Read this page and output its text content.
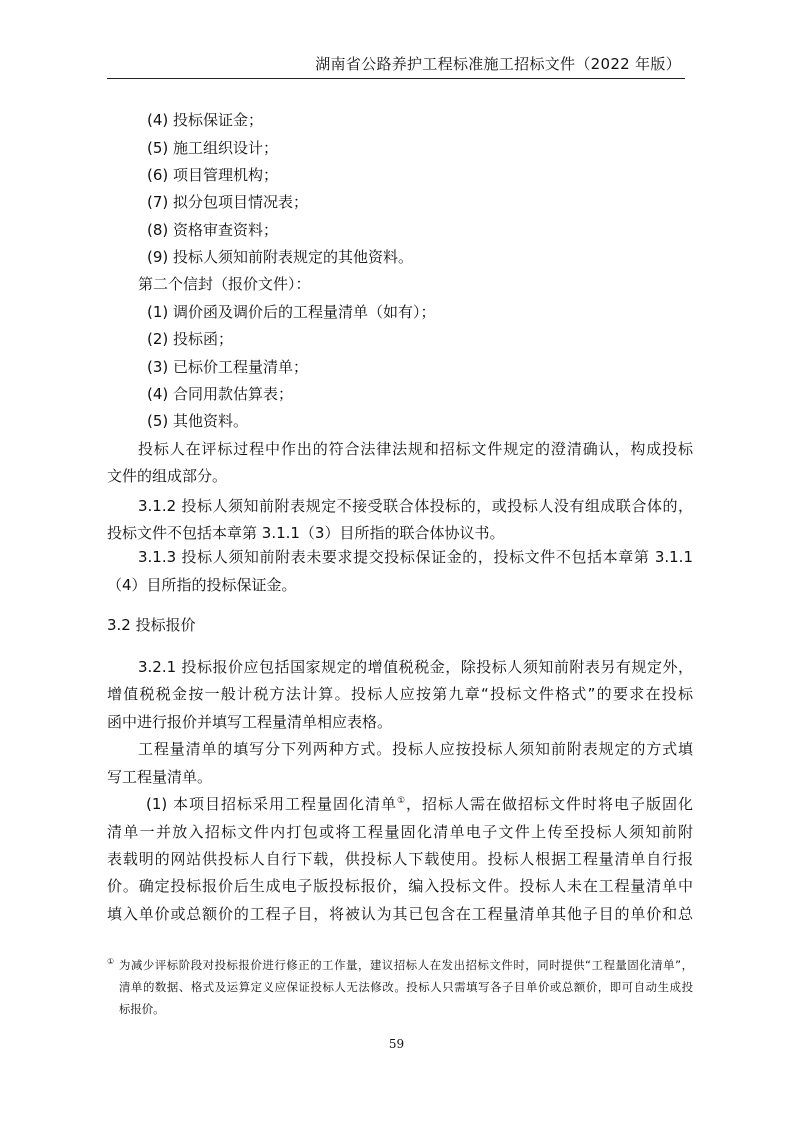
湖南省公路养护工程标准施工招标文件（2022 年版）
(4) 投标保证金；
(5) 施工组织设计；
(6) 项目管理机构；
(7) 拟分包项目情况表；
(8) 资格审查资料；
(9) 投标人须知前附表规定的其他资料。
第二个信封（报价文件）：
(1) 调价函及调价后的工程量清单（如有）；
(2) 投标函；
(3) 已标价工程量清单；
(4) 合同用款估算表；
(5) 其他资料。
投标人在评标过程中作出的符合法律法规和招标文件规定的澄清确认，构成投标
文件的组成部分。
3.1.2 投标人须知前附表规定不接受联合体投标的，或投标人没有组成联合体的，
投标文件不包括本章第 3.1.1（3）目所指的联合体协议书。
3.1.3 投标人须知前附表未要求提交投标保证金的，投标文件不包括本章第 3.1.1
（4）目所指的投标保证金。
3.2 投标报价
3.2.1 投标报价应包括国家规定的增值税税金，除投标人须知前附表另有规定外，
增值税税金按一般计税方法计算。投标人应按第九章“投标文件格式”的要求在投标
函中进行报价并填写工程量清单相应表格。
工程量清单的填写分下列两种方式。投标人应按投标人须知前附表规定的方式填
写工程量清单。
(1) 本项目招标采用工程量固化清单①，招标人需在做招标文件时将电子版固化
清单一并放入招标文件内打包或将工程量固化清单电子文件上传至投标人须知前附
表载明的网站供投标人自行下载，供投标人下载使用。投标人根据工程量清单自行报
价。确定投标报价后生成电子版投标报价，编入投标文件。投标人未在工程量清单中
填入单价或总额价的工程子目，将被认为其已包含在工程量清单其他子目的单价和总
① 为减少评标阶段对投标报价进行修正的工作量，建议招标人在发出招标文件时，同时提供“工程量固化清单”，
清单的数据、格式及运算定义应保证投标人无法修改。投标人只需填写各子目单价或总额价，即可自动生成投
标报价。
59
